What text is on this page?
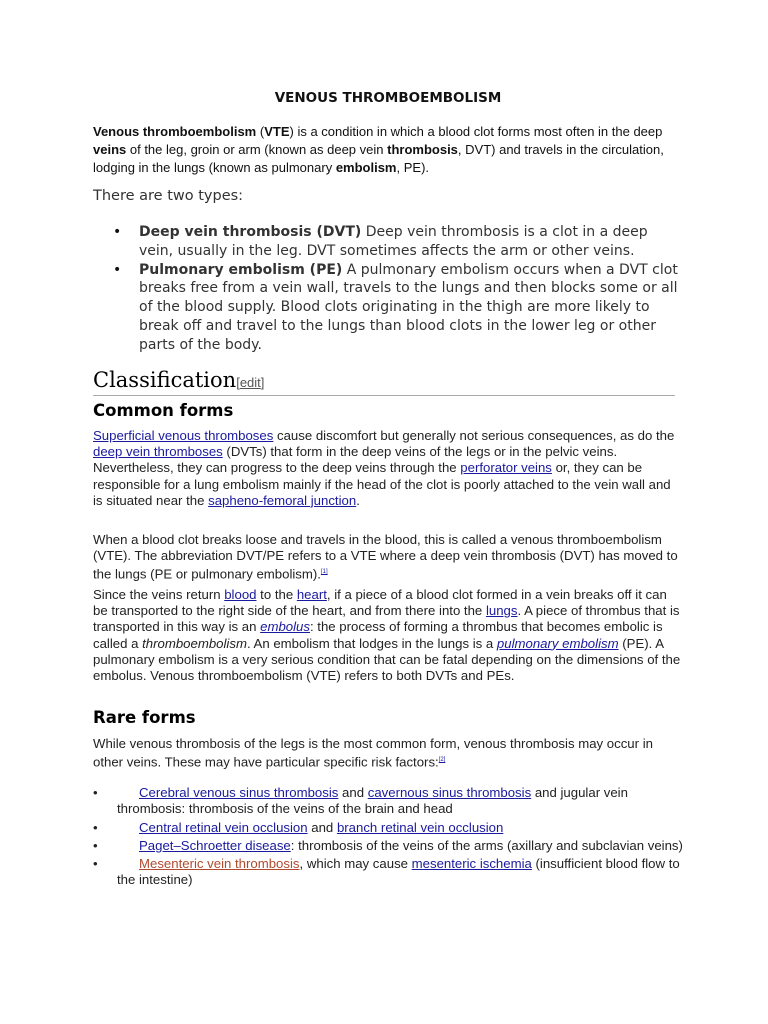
VENOUS THROMBOEMBOLISM
Venous thromboembolism (VTE) is a condition in which a blood clot forms most often in the deep veins of the leg, groin or arm (known as deep vein thrombosis, DVT) and travels in the circulation, lodging in the lungs (known as pulmonary embolism, PE).
There are two types:
• Deep vein thrombosis (DVT) Deep vein thrombosis is a clot in a deep vein, usually in the leg. DVT sometimes affects the arm or other veins.
• Pulmonary embolism (PE) A pulmonary embolism occurs when a DVT clot breaks free from a vein wall, travels to the lungs and then blocks some or all of the blood supply. Blood clots originating in the thigh are more likely to break off and travel to the lungs than blood clots in the lower leg or other parts of the body.
Classification[edit]
Common forms
Superficial venous thromboses cause discomfort but generally not serious consequences, as do the deep vein thromboses (DVTs) that form in the deep veins of the legs or in the pelvic veins. Nevertheless, they can progress to the deep veins through the perforator veins or, they can be responsible for a lung embolism mainly if the head of the clot is poorly attached to the vein wall and is situated near the sapheno-femoral junction.
When a blood clot breaks loose and travels in the blood, this is called a venous thromboembolism (VTE). The abbreviation DVT/PE refers to a VTE where a deep vein thrombosis (DVT) has moved to the lungs (PE or pulmonary embolism).[1]
Since the veins return blood to the heart, if a piece of a blood clot formed in a vein breaks off it can be transported to the right side of the heart, and from there into the lungs. A piece of thrombus that is transported in this way is an embolus: the process of forming a thrombus that becomes embolic is called a thromboembolism. An embolism that lodges in the lungs is a pulmonary embolism (PE). A pulmonary embolism is a very serious condition that can be fatal depending on the dimensions of the embolus. Venous thromboembolism (VTE) refers to both DVTs and PEs.
Rare forms
While venous thrombosis of the legs is the most common form, venous thrombosis may occur in other veins. These may have particular specific risk factors:[2]
•	Cerebral venous sinus thrombosis and cavernous sinus thrombosis and jugular vein thrombosis: thrombosis of the veins of the brain and head
•	Central retinal vein occlusion and branch retinal vein occlusion
•	Paget–Schroetter disease: thrombosis of the veins of the arms (axillary and subclavian veins)
•	Mesenteric vein thrombosis, which may cause mesenteric ischemia (insufficient blood flow to the intestine)
